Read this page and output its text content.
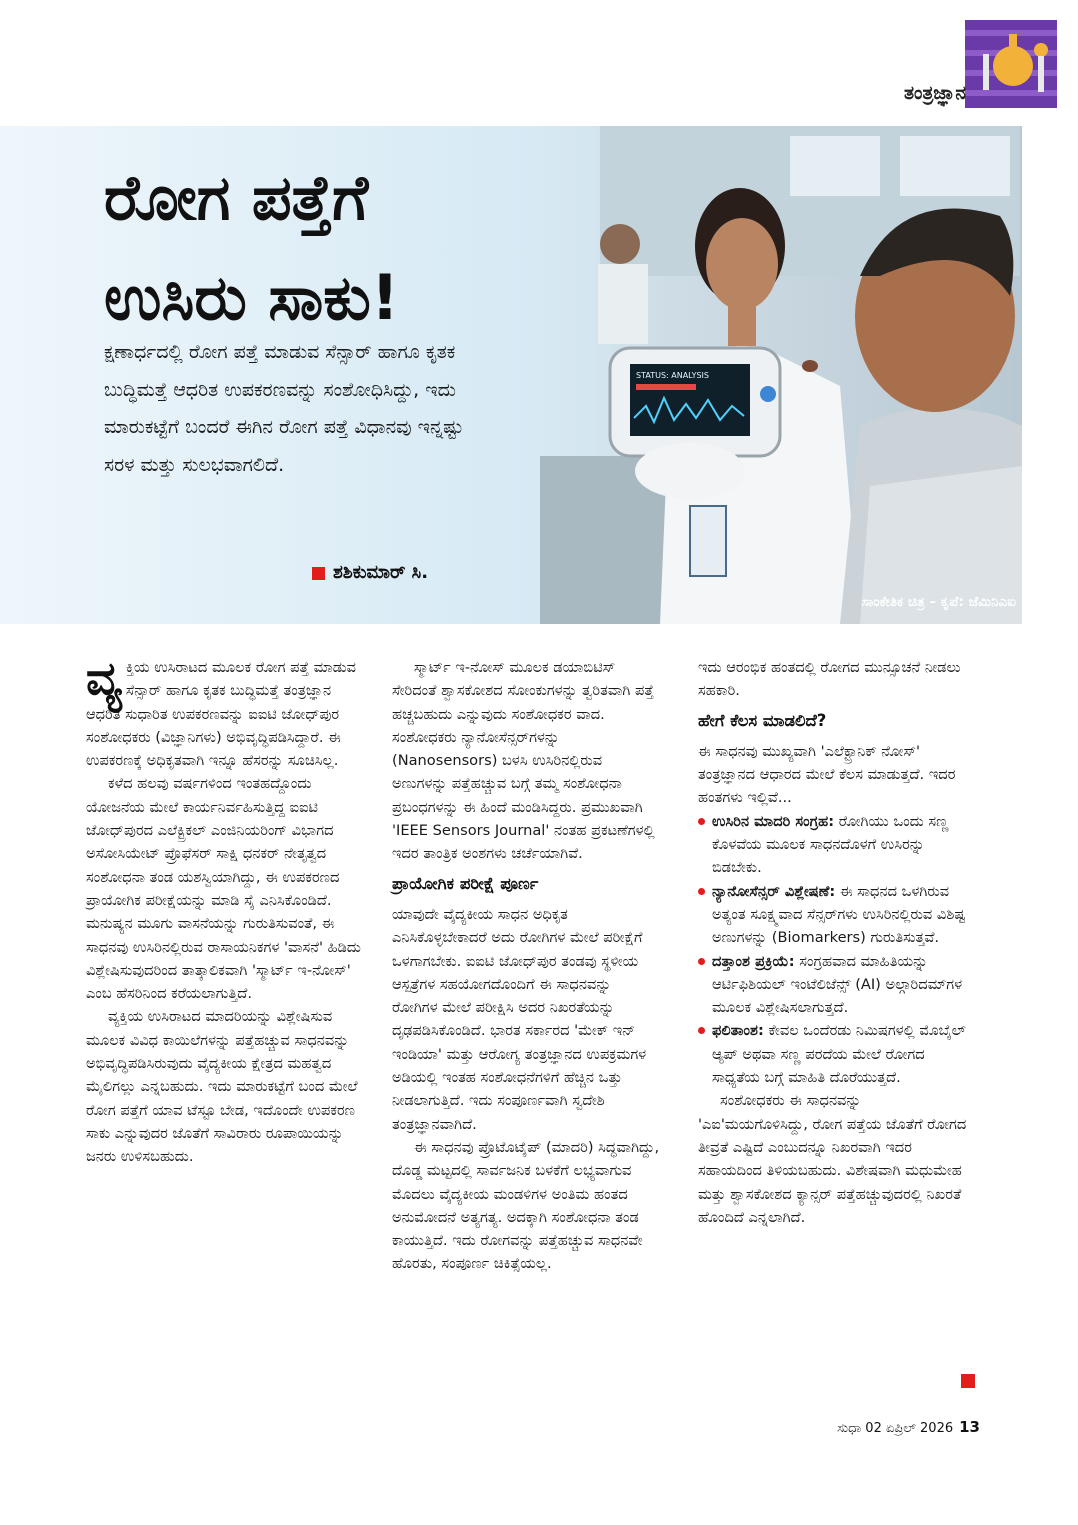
ತಂತ್ರಜ್ಞಾನ
STATUS: ANALYSIS
ರೋಗ ಪತ್ತೆಗೆ
ಉಸಿರು ಸಾಕು!

ಕ್ಷಣಾರ್ಧದಲ್ಲಿ ರೋಗ ಪತ್ತೆ ಮಾಡುವ ಸೆನ್ಸಾರ್ ಹಾಗೂ ಕೃತಕ ಬುದ್ಧಿಮತ್ತೆ ಆಧರಿತ ಉಪಕರಣವನ್ನು ಸಂಶೋಧಿಸಿದ್ದು, ಇದು ಮಾರುಕಟ್ಟೆಗೆ ಬಂದರೆ ಈಗಿನ ರೋಗ ಪತ್ತೆ ವಿಧಾನವು ಇನ್ನಷ್ಟು ಸರಳ ಮತ್ತು ಸುಲಭವಾಗಲಿದೆ.

ಶಶಿಕುಮಾರ್ ಸಿ.
ಸಾಂಕೇತಿಕ ಚಿತ್ರ – ಕೃಪೆ: ಜೆಮಿನಿಎಐ

ವ್ಯ ಕ್ತಿಯ ಉಸಿರಾಟದ ಮೂಲಕ ರೋಗ ಪತ್ತೆ ಮಾಡುವ ಸೆನ್ಸಾರ್ ಹಾಗೂ ಕೃತಕ ಬುದ್ಧಿಮತ್ತೆ ತಂತ್ರಜ್ಞಾನ ಆಧರಿತ ಸುಧಾರಿತ ಉಪಕರಣವನ್ನು ಐಐಟಿ ಜೋಧ್‌ಪುರ ಸಂಶೋಧಕರು (ವಿಜ್ಞಾನಿಗಳು) ಅಭಿವೃದ್ಧಿಪಡಿಸಿದ್ದಾರೆ. ಈ ಉಪಕರಣಕ್ಕೆ ಅಧಿಕೃತವಾಗಿ ಇನ್ನೂ ಹೆಸರನ್ನು ಸೂಚಿಸಿಲ್ಲ.

ಕಳೆದ ಹಲವು ವರ್ಷಗಳಿಂದ ಇಂತಹದ್ದೊಂದು ಯೋಜನೆಯ ಮೇಲೆ ಕಾರ್ಯನಿರ್ವಹಿಸುತ್ತಿದ್ದ ಐಐಟಿ ಜೋಧ್‌ಪುರದ ಎಲೆಕ್ಟ್ರಿಕಲ್ ಎಂಜಿನಿಯರಿಂಗ್ ವಿಭಾಗದ ಅಸೋಸಿಯೇಟ್ ಪ್ರೊಫೆಸರ್ ಸಾಕ್ಷಿ ಧನಕರ್ ನೇತೃತ್ವದ ಸಂಶೋಧನಾ ತಂಡ ಯಶಸ್ವಿಯಾಗಿದ್ದು, ಈ ಉಪಕರಣದ ಪ್ರಾಯೋಗಿಕ ಪರೀಕ್ಷೆಯನ್ನು ಮಾಡಿ ಸೈ ಎನಿಸಿಕೊಂಡಿದೆ. ಮನುಷ್ಯನ ಮೂಗು ವಾಸನೆಯನ್ನು ಗುರುತಿಸುವಂತೆ, ಈ ಸಾಧನವು ಉಸಿರಿನಲ್ಲಿರುವ ರಾಸಾಯನಿಕಗಳ 'ವಾಸನೆ' ಹಿಡಿದು ವಿಶ್ಲೇಷಿಸುವುದರಿಂದ ತಾತ್ಕಾಲಿಕವಾಗಿ 'ಸ್ಮಾರ್ಟ್ ಇ-ನೋಸ್' ಎಂಬ ಹೆಸರಿನಿಂದ ಕರೆಯಲಾಗುತ್ತಿದೆ.

ವ್ಯಕ್ತಿಯ ಉಸಿರಾಟದ ಮಾದರಿಯನ್ನು ವಿಶ್ಲೇಷಿಸುವ ಮೂಲಕ ವಿವಿಧ ಕಾಯಿಲೆಗಳನ್ನು ಪತ್ತೆಹಚ್ಚುವ ಸಾಧನವನ್ನು ಅಭಿವೃದ್ಧಿಪಡಿಸಿರುವುದು ವೈದ್ಯಕೀಯ ಕ್ಷೇತ್ರದ ಮಹತ್ವದ ಮೈಲಿಗಲ್ಲು ಎನ್ನಬಹುದು. ಇದು ಮಾರುಕಟ್ಟೆಗೆ ಬಂದ ಮೇಲೆ ರೋಗ ಪತ್ತೆಗೆ ಯಾವ ಟೆಸ್ಟೂ ಬೇಡ, ಇದೊಂದೇ ಉಪಕರಣ ಸಾಕು ಎನ್ನುವುದರ ಜೊತೆಗೆ ಸಾವಿರಾರು ರೂಪಾಯಿಯನ್ನು ಜನರು ಉಳಿಸಬಹುದು.

ಸ್ಮಾರ್ಟ್ ಇ-ನೋಸ್ ಮೂಲಕ ಡಯಾಬಿಟಿಸ್ ಸೇರಿದಂತೆ ಶ್ವಾಸಕೋಶದ ಸೋಂಕುಗಳನ್ನು ತ್ವರಿತವಾಗಿ ಪತ್ತೆ ಹಚ್ಚಬಹುದು ಎನ್ನುವುದು ಸಂಶೋಧಕರ ವಾದ. ಸಂಶೋಧಕರು ನ್ಯಾನೋಸೆನ್ಸರ್‌ಗಳನ್ನು (Nanosensors) ಬಳಸಿ ಉಸಿರಿನಲ್ಲಿರುವ ಅಣುಗಳನ್ನು ಪತ್ತೆಹಚ್ಚುವ ಬಗ್ಗೆ ತಮ್ಮ ಸಂಶೋಧನಾ ಪ್ರಬಂಧಗಳನ್ನು ಈ ಹಿಂದೆ ಮಂಡಿಸಿದ್ದರು. ಪ್ರಮುಖವಾಗಿ 'IEEE Sensors Journal' ನಂತಹ ಪ್ರಕಟಣೆಗಳಲ್ಲಿ ಇದರ ತಾಂತ್ರಿಕ ಅಂಶಗಳು ಚರ್ಚೆಯಾಗಿವೆ.

ಪ್ರಾಯೋಗಿಕ ಪರೀಕ್ಷೆ ಪೂರ್ಣ

ಯಾವುದೇ ವೈದ್ಯಕೀಯ ಸಾಧನ ಅಧಿಕೃತ ಎನಿಸಿಕೊಳ್ಳಬೇಕಾದರೆ ಅದು ರೋಗಿಗಳ ಮೇಲೆ ಪರೀಕ್ಷೆಗೆ ಒಳಗಾಗಬೇಕು. ಐಐಟಿ ಜೋಧ್‌ಪುರ ತಂಡವು ಸ್ಥಳೀಯ ಆಸ್ಪತ್ರೆಗಳ ಸಹಯೋಗದೊಂದಿಗೆ ಈ ಸಾಧನವನ್ನು ರೋಗಿಗಳ ಮೇಲೆ ಪರೀಕ್ಷಿಸಿ ಅದರ ನಿಖರತೆಯನ್ನು ದೃಢಪಡಿಸಿಕೊಂಡಿದೆ. ಭಾರತ ಸರ್ಕಾರದ 'ಮೇಕ್ ಇನ್ ಇಂಡಿಯಾ' ಮತ್ತು ಆರೋಗ್ಯ ತಂತ್ರಜ್ಞಾನದ ಉಪಕ್ರಮಗಳ ಅಡಿಯಲ್ಲಿ ಇಂತಹ ಸಂಶೋಧನೆಗಳಿಗೆ ಹೆಚ್ಚಿನ ಒತ್ತು ನೀಡಲಾಗುತ್ತಿದೆ. ಇದು ಸಂಪೂರ್ಣವಾಗಿ ಸ್ವದೇಶಿ ತಂತ್ರಜ್ಞಾನವಾಗಿದೆ.

ಈ ಸಾಧನವು ಪ್ರೊಟೊಟೈಪ್ (ಮಾದರಿ) ಸಿದ್ಧವಾಗಿದ್ದು, ದೊಡ್ಡ ಮಟ್ಟದಲ್ಲಿ ಸಾರ್ವಜನಿಕ ಬಳಕೆಗೆ ಲಭ್ಯವಾಗುವ ಮೊದಲು ವೈದ್ಯಕೀಯ ಮಂಡಳಿಗಳ ಅಂತಿಮ ಹಂತದ ಅನುಮೋದನೆ ಅತ್ಯಗತ್ಯ. ಅದಕ್ಕಾಗಿ ಸಂಶೋಧನಾ ತಂಡ ಕಾಯುತ್ತಿದೆ. ಇದು ರೋಗವನ್ನು ಪತ್ತೆಹಚ್ಚುವ ಸಾಧನವೇ ಹೊರತು, ಸಂಪೂರ್ಣ ಚಿಕಿತ್ಸೆಯಲ್ಲ.

ಇದು ಆರಂಭಿಕ ಹಂತದಲ್ಲಿ ರೋಗದ ಮುನ್ಸೂಚನೆ ನೀಡಲು ಸಹಕಾರಿ.

ಹೇಗೆ ಕೆಲಸ ಮಾಡಲಿದೆ?

ಈ ಸಾಧನವು ಮುಖ್ಯವಾಗಿ 'ಎಲೆಕ್ಟ್ರಾನಿಕ್ ನೋಸ್' ತಂತ್ರಜ್ಞಾನದ ಆಧಾರದ ಮೇಲೆ ಕೆಲಸ ಮಾಡುತ್ತದೆ. ಇದರ ಹಂತಗಳು ಇಲ್ಲಿವೆ...

ಉಸಿರಿನ ಮಾದರಿ ಸಂಗ್ರಹ: ರೋಗಿಯು ಒಂದು ಸಣ್ಣ ಕೊಳವೆಯ ಮೂಲಕ ಸಾಧನದೊಳಗೆ ಉಸಿರನ್ನು ಬಿಡಬೇಕು.
ನ್ಯಾನೋಸೆನ್ಸರ್ ವಿಶ್ಲೇಷಣೆ: ಈ ಸಾಧನದ ಒಳಗಿರುವ ಅತ್ಯಂತ ಸೂಕ್ಷ್ಮವಾದ ಸೆನ್ಸರ್‌ಗಳು ಉಸಿರಿನಲ್ಲಿರುವ ವಿಶಿಷ್ಟ ಅಣುಗಳನ್ನು (Biomarkers) ಗುರುತಿಸುತ್ತವೆ.
ದತ್ತಾಂಶ ಪ್ರಕ್ರಿಯೆ: ಸಂಗ್ರಹವಾದ ಮಾಹಿತಿಯನ್ನು ಆರ್ಟಿಫಿಶಿಯಲ್ ಇಂಟೆಲಿಜೆನ್ಸ್ (AI) ಅಲ್ಗಾರಿದಮ್‌ಗಳ ಮೂಲಕ ವಿಶ್ಲೇಷಿಸಲಾಗುತ್ತದೆ.
ಫಲಿತಾಂಶ: ಕೇವಲ ಒಂದೆರಡು ನಿಮಿಷಗಳಲ್ಲಿ ಮೊಬೈಲ್ ಆ್ಯಪ್ ಅಥವಾ ಸಣ್ಣ ಪರದೆಯ ಮೇಲೆ ರೋಗದ ಸಾಧ್ಯತೆಯ ಬಗ್ಗೆ ಮಾಹಿತಿ ದೊರೆಯುತ್ತದೆ.

ಸಂಶೋಧಕರು ಈ ಸಾಧನವನ್ನು 'ಎಐ'ಮಯಗೊಳಿಸಿದ್ದು, ರೋಗ ಪತ್ತೆಯ ಜೊತೆಗೆ ರೋಗದ ತೀವ್ರತೆ ಎಷ್ಟಿದೆ ಎಂಬುದನ್ನೂ ನಿಖರವಾಗಿ ಇದರ ಸಹಾಯದಿಂದ ತಿಳಿಯಬಹುದು. ವಿಶೇಷವಾಗಿ ಮಧುಮೇಹ ಮತ್ತು ಶ್ವಾಸಕೋಶದ ಕ್ಯಾನ್ಸರ್ ಪತ್ತೆಹಚ್ಚುವುದರಲ್ಲಿ ನಿಖರತೆ ಹೊಂದಿದೆ ಎನ್ನಲಾಗಿದೆ.

ಸುಧಾ 02 ಏಪ್ರಿಲ್ 2026 13
